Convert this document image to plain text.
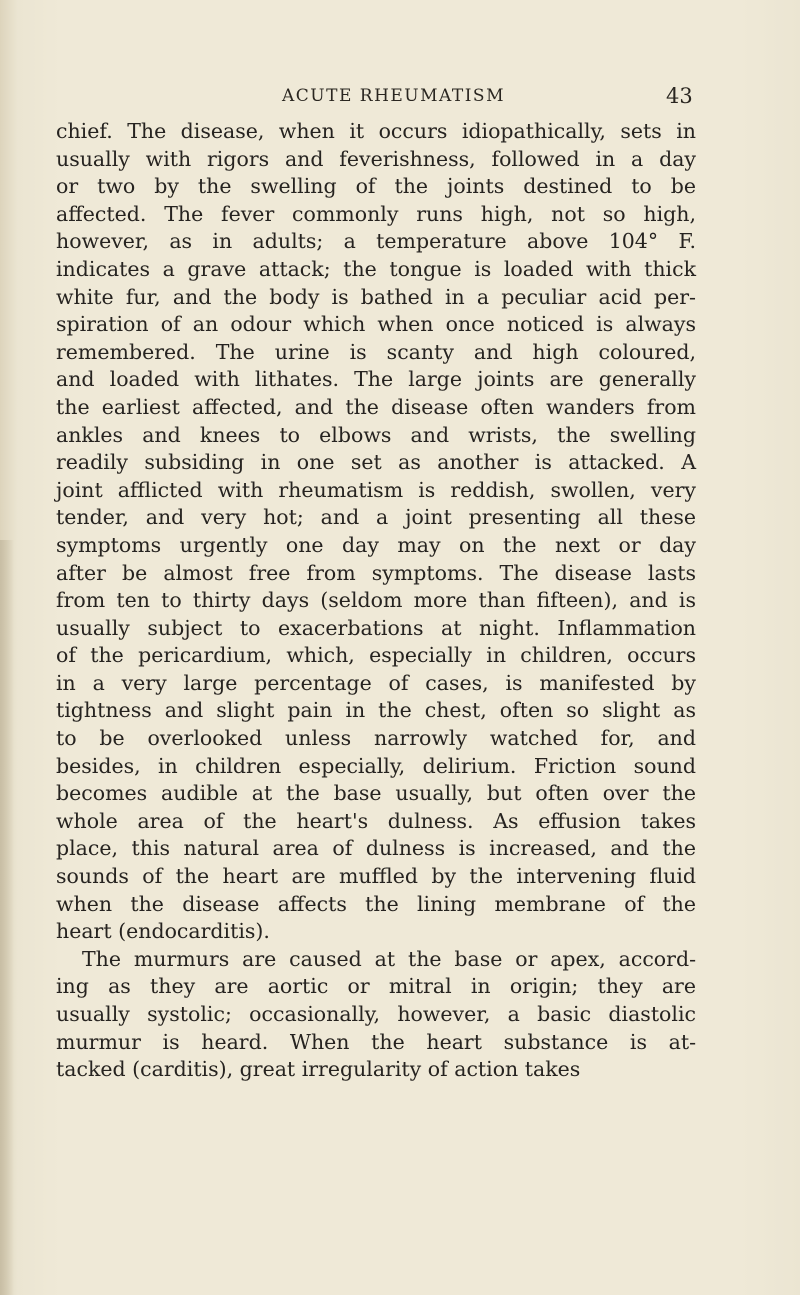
ACUTE RHEUMATISM	43
chief. The disease, when it occurs idiopathically, sets in
usually with rigors and feverishness, followed in a day
or two by the swelling of the joints destined to be
affected. The fever commonly runs high, not so high,
however, as in adults; a temperature above 104° F.
indicates a grave attack; the tongue is loaded with thick
white fur, and the body is bathed in a peculiar acid per-
spiration of an odour which when once noticed is always
remembered. The urine is scanty and high coloured,
and loaded with lithates. The large joints are generally
the earliest affected, and the disease often wanders from
ankles and knees to elbows and wrists, the swelling
readily subsiding in one set as another is attacked. A
joint afflicted with rheumatism is reddish, swollen, very
tender, and very hot; and a joint presenting all these
symptoms urgently one day may on the next or day
after be almost free from symptoms. The disease lasts
from ten to thirty days (seldom more than fifteen), and is
usually subject to exacerbations at night. Inflammation
of the pericardium, which, especially in children, occurs
in a very large percentage of cases, is manifested by
tightness and slight pain in the chest, often so slight as
to be overlooked unless narrowly watched for, and
besides, in children especially, delirium. Friction sound
becomes audible at the base usually, but often over the
whole area of the heart's dulness. As effusion takes
place, this natural area of dulness is increased, and the
sounds of the heart are muffled by the intervening fluid
when the disease affects the lining membrane of the
heart (endocarditis).
The murmurs are caused at the base or apex, accord-
ing as they are aortic or mitral in origin; they are
usually systolic; occasionally, however, a basic diastolic
murmur is heard. When the heart substance is at-
tacked (carditis), great irregularity of action takes
